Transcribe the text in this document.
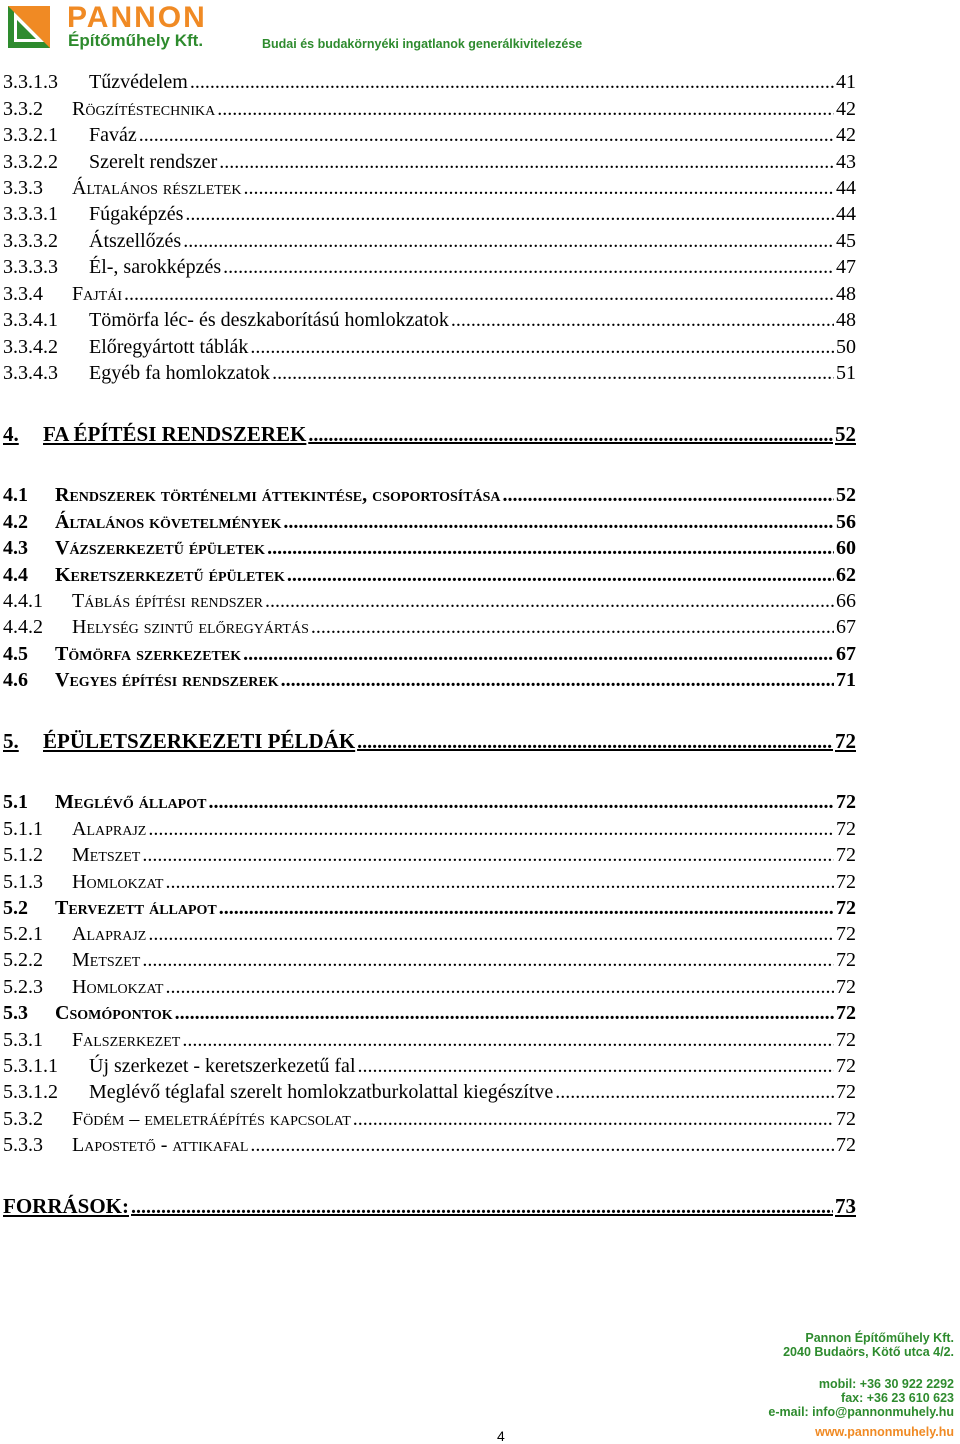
PANNON
Építőműhely Kft.	Budai és budakörnyéki ingatlanok generálkivitelezése
3.3.1.3	Tűzvédelem .....	41
3.3.2	Rögzítéstechnika .....	42
3.3.2.1	Faváz .....	42
3.3.2.2	Szerelt rendszer .....	43
3.3.3	Általános részletek .....	44
3.3.3.1	Fúgaképzés .....	44
3.3.3.2	Átszellőzés .....	45
3.3.3.3	Él-, sarokképzés .....	47
3.3.4	Fajtái .....	48
3.3.4.1	Tömörfa léc- és deszkaborítású homlokzatok .....	48
3.3.4.2	Előregyártott táblák .....	50
3.3.4.3	Egyéb fa homlokzatok .....	51
4.	FA ÉPÍTÉSI RENDSZEREK .....	52
4.1	Rendszerek történelmi áttekintése, csoportosítása .....	52
4.2	Általános követelmények .....	56
4.3	Vázszerkezetű épületek .....	60
4.4	Keretszerkezetű épületek .....	62
4.4.1	Táblás építési rendszer .....	66
4.4.2	Helység szintű előregyártás .....	67
4.5	Tömörfa szerkezetek .....	67
4.6	Vegyes építési rendszerek .....	71
5.	ÉPÜLETSZERKEZETI PÉLDÁK .....	72
5.1	Meglévő állapot .....	72
5.1.1	Alaprajz .....	72
5.1.2	Metszet .....	72
5.1.3	Homlokzat .....	72
5.2	Tervezett állapot .....	72
5.2.1	Alaprajz .....	72
5.2.2	Metszet .....	72
5.2.3	Homlokzat .....	72
5.3	Csomópontok .....	72
5.3.1	Falszerkezet .....	72
5.3.1.1	Új szerkezet - keretszerkezetű fal .....	72
5.3.1.2	Meglévő téglafal szerelt homlokzatburkolattal kiegészítve .....	72
5.3.2	Födém – emeletráépítés kapcsolat .....	72
5.3.3	Lapostető - attikafal .....	72
FORRÁSOK: .....	73
4
Pannon Építőműhely Kft.
2040 Budaörs, Kötő utca 4/2.
mobil: +36 30 922 2292
fax: +36 23 610 623
e-mail: info@pannonmuhely.hu
www.pannonmuhely.hu
